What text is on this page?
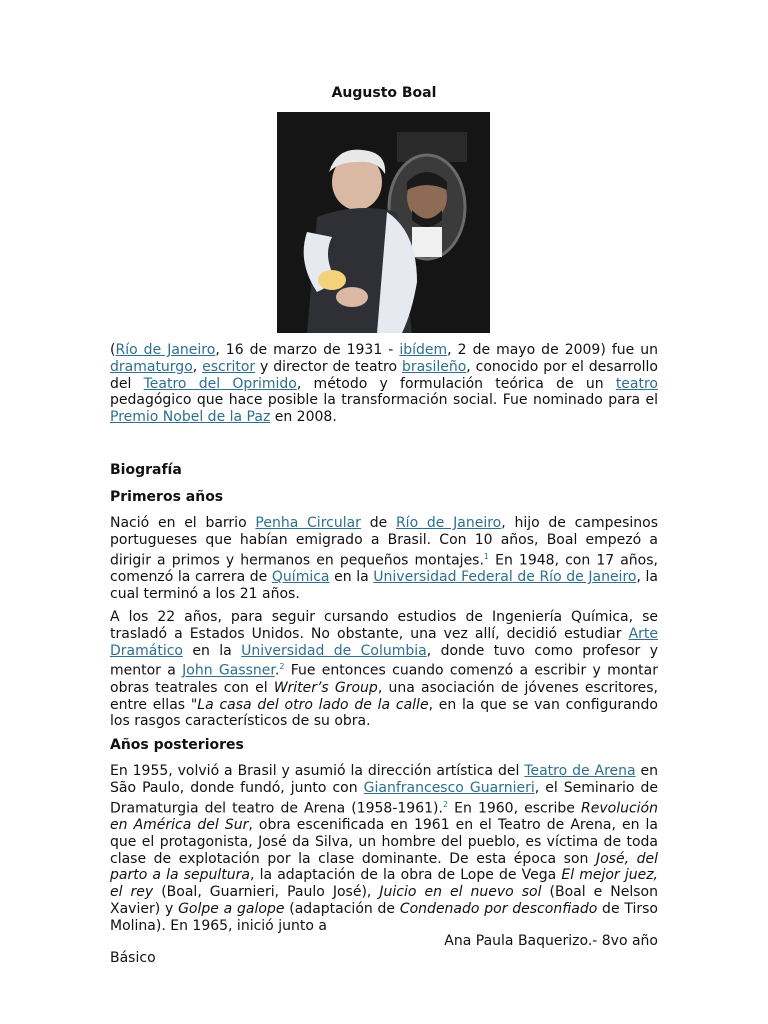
Augusto Boal

(Río de Janeiro, 16 de marzo de 1931 - ibídem, 2 de mayo de 2009) fue un dramaturgo, escritor y director de teatro brasileño, conocido por el desarrollo del Teatro del Oprimido, método y formulación teórica de un teatro pedagógico que hace posible la transformación social. Fue nominado para el Premio Nobel de la Paz en 2008.

Biografía
Primeros años

Nació en el barrio Penha Circular de Río de Janeiro, hijo de campesinos portugueses que habían emigrado a Brasil. Con 10 años, Boal empezó a dirigir a primos y hermanos en pequeños montajes.$^1$ En 1948, con 17 años, comenzó la carrera de Química en la Universidad Federal de Río de Janeiro, la cual terminó a los 21 años.

A los 22 años, para seguir cursando estudios de Ingeniería Química, se trasladó a Estados Unidos. No obstante, una vez allí, decidió estudiar Arte Dramático en la Universidad de Columbia, donde tuvo como profesor y mentor a John Gassner.$^2$ Fue entonces cuando comenzó a escribir y montar obras teatrales con el Writer’s Group, una asociación de jóvenes escritores, entre ellas "La casa del otro lado de la calle, en la que se van configurando los rasgos característicos de su obra.

Años posteriores

En 1955, volvió a Brasil y asumió la dirección artística del Teatro de Arena en São Paulo, donde fundó, junto con Gianfrancesco Guarnieri, el Seminario de Dramaturgia del teatro de Arena (1958-1961).$^2$ En 1960, escribe Revolución en América del Sur, obra escenificada en 1961 en el Teatro de Arena, en la que el protagonista, José da Silva, un hombre del pueblo, es víctima de toda clase de explotación por la clase dominante. De esta época son José, del parto a la sepultura, la adaptación de la obra de Lope de Vega El mejor juez, el rey (Boal, Guarnieri, Paulo José), Juicio en el nuevo sol (Boal e Nelson Xavier) y Golpe a galope (adaptación de Condenado por desconfiado de Tirso Molina). En 1965, inició junto a

Ana Paula Baquerizo.- 8vo año
Básico
